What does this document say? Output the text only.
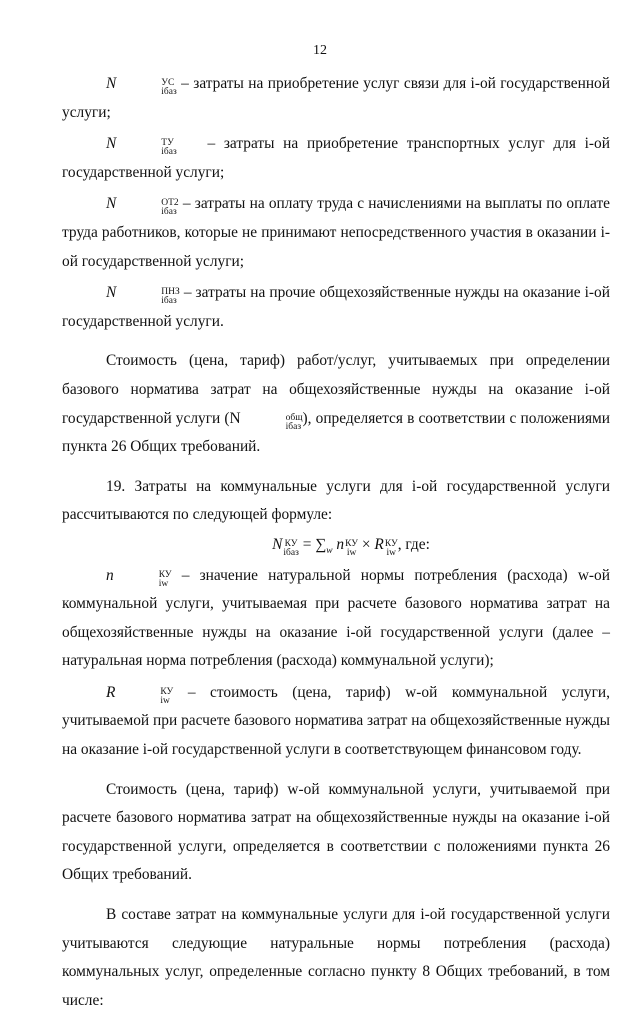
12

N	УС
iбаз – затраты на приобретение услуг связи для i-ой государственной услуги;

N	ТУ
iбаз – затраты на приобретение транспортных услуг для i-ой государственной услуги;

N	ОТ2
iбаз – затраты на оплату труда с начислениями на выплаты по оплате труда работников, которые не принимают непосредственного участия в оказании i-ой государственной услуги;

N	ПНЗ
iбаз – затраты на прочие общехозяйственные нужды на оказание i-ой государственной услуги.

Стоимость (цена, тариф) работ/услуг, учитываемых при определении базового норматива затрат на общехозяйственные нужды на оказание i-ой государственной услуги (N	общ
iбаз ), определяется в соответствии с положениями пункта 26 Общих требований.

19. Затраты на коммунальные услуги для i-ой государственной услуги рассчитываются по следующей формуле:

N КУ
iбаз = $\sum_w$ n КУ
iw × R КУ
iw , где:

n	КУ
iw – значение натуральной нормы потребления (расхода) w-ой коммунальной услуги, учитываемая при расчете базового норматива затрат на общехозяйственные нужды на оказание i-ой государственной услуги (далее – натуральная норма потребления (расхода) коммунальной услуги);

R	КУ
iw – стоимость (цена, тариф) w-ой коммунальной услуги, учитываемой при расчете базового норматива затрат на общехозяйственные нужды на оказание i-ой государственной услуги в соответствующем финансовом году.

Стоимость (цена, тариф) w-ой коммунальной услуги, учитываемой при расчете базового норматива затрат на общехозяйственные нужды на оказание i-ой государственной услуги, определяется в соответствии с положениями пункта 26 Общих требований.

В составе затрат на коммунальные услуги для i-ой государственной услуги учитываются следующие натуральные нормы потребления (расхода) коммунальных услуг, определенные согласно пункту 8 Общих требований, в том числе:
